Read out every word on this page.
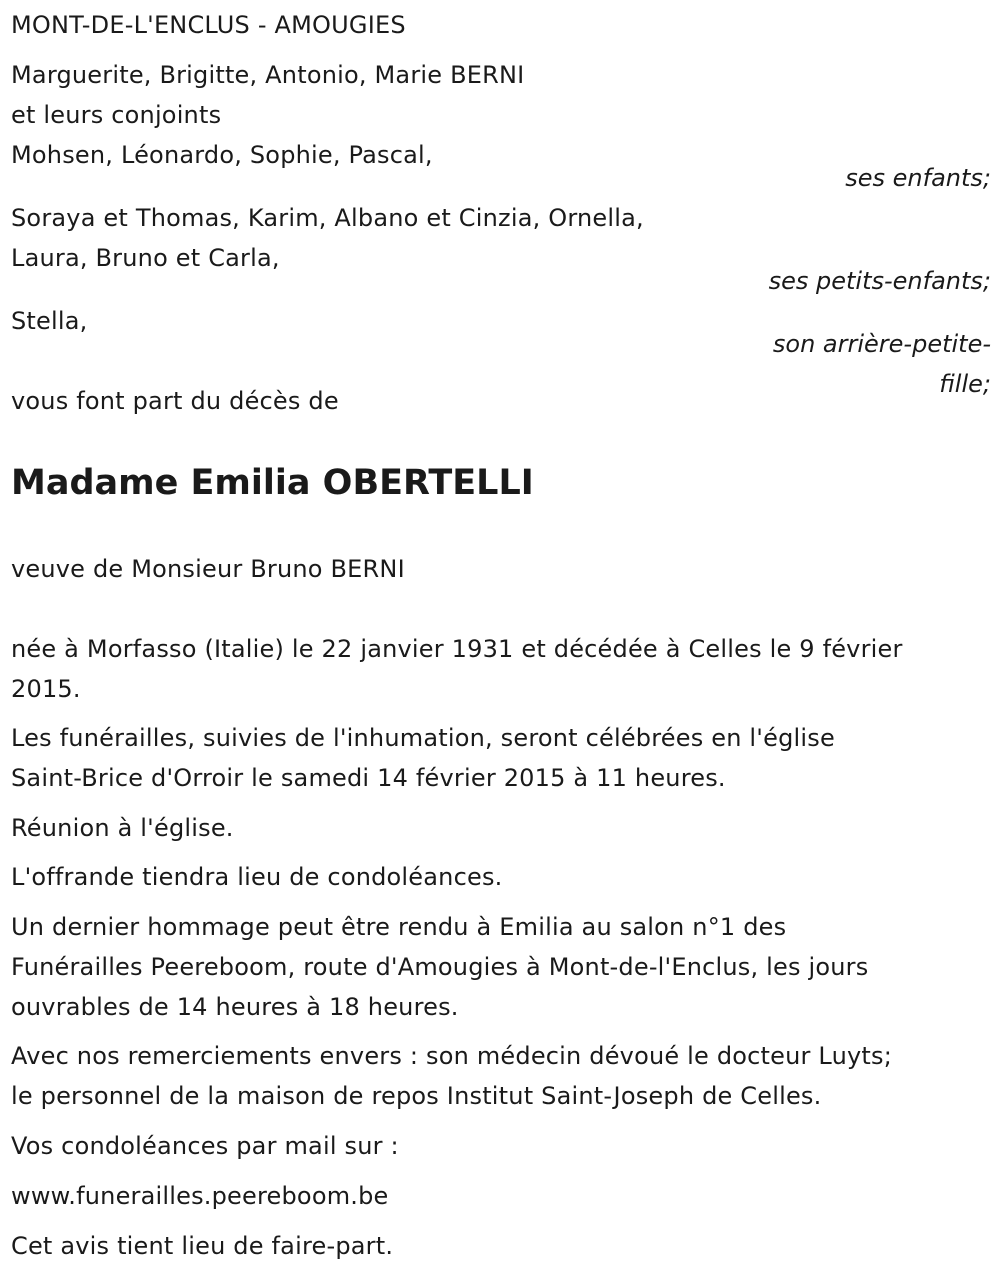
MONT-DE-L'ENCLUS - AMOUGIES
Marguerite, Brigitte, Antonio, Marie BERNI
et leurs conjoints
Mohsen, Léonardo, Sophie, Pascal,
ses enfants;
Soraya et Thomas, Karim, Albano et Cinzia, Ornella,
Laura, Bruno et Carla,
ses petits-enfants;
Stella,
son arrière-petite-
fille;
vous font part du décès de
Madame Emilia OBERTELLI
veuve de Monsieur Bruno BERNI
née à Morfasso (Italie) le 22 janvier 1931 et décédée à Celles le 9 février
2015.
Les funérailles, suivies de l'inhumation, seront célébrées en l'église
Saint-Brice d'Orroir le samedi 14 février 2015 à 11 heures.
Réunion à l'église.
L'offrande tiendra lieu de condoléances.
Un dernier hommage peut être rendu à Emilia au salon n°1 des
Funérailles Peereboom, route d'Amougies à Mont-de-l'Enclus, les jours
ouvrables de 14 heures à 18 heures.
Avec nos remerciements envers : son médecin dévoué le docteur Luyts;
le personnel de la maison de repos Institut Saint-Joseph de Celles.
Vos condoléances par mail sur :
www.funerailles.peereboom.be
Cet avis tient lieu de faire-part.
